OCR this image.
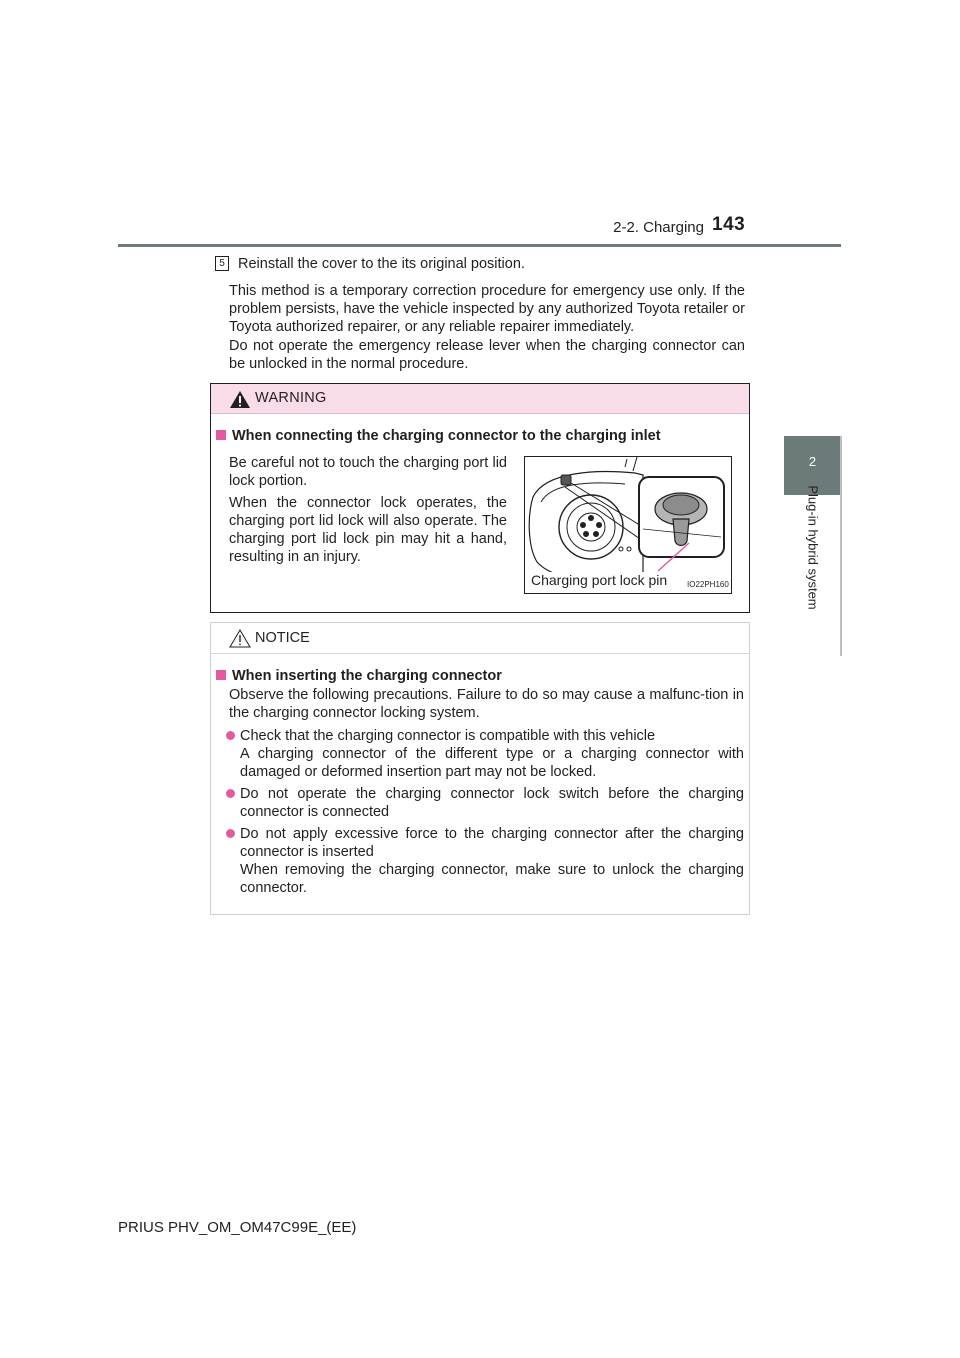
2-2. Charging 143
2
Plug-in hybrid system
5 Reinstall the cover to the its original position.
This method is a temporary correction procedure for emergency use only. If the problem persists, have the vehicle inspected by any authorized Toyota retailer or Toyota authorized repairer, or any reliable repairer immediately.
Do not operate the emergency release lever when the charging connector can be unlocked in the normal procedure.
WARNING
When connecting the charging connector to the charging inlet
Be careful not to touch the charging port lid lock portion.
When the connector lock operates, the charging port lid lock will also operate. The charging port lid lock pin may hit a hand, resulting in an injury.
Charging port lock pin IO22PH160
NOTICE
When inserting the charging connector
Observe the following precautions. Failure to do so may cause a malfunc-tion in the charging connector locking system.
Check that the charging connector is compatible with this vehicle
A charging connector of the different type or a charging connector with damaged or deformed insertion part may not be locked.
Do not operate the charging connector lock switch before the charging connector is connected
Do not apply excessive force to the charging connector after the charging connector is inserted
When removing the charging connector, make sure to unlock the charging connector.
PRIUS PHV_OM_OM47C99E_(EE)
